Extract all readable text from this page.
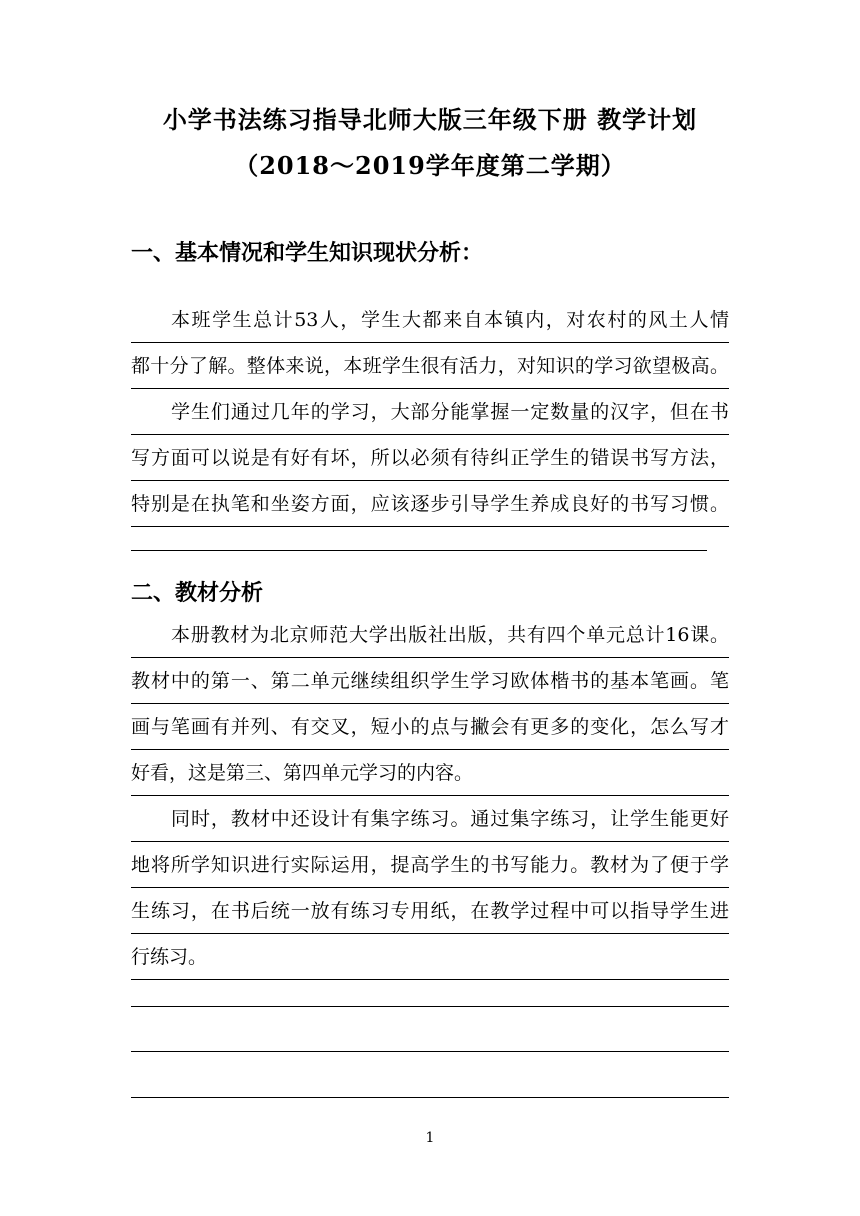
小学书法练习指导北师大版三年级下册 教学计划
（2018～2019学年度第二学期）
一、基本情况和学生知识现状分析：
本班学生总计53人，学生大都来自本镇内，对农村的风土人情
都十分了解。整体来说，本班学生很有活力，对知识的学习欲望极高。
学生们通过几年的学习，大部分能掌握一定数量的汉字，但在书
写方面可以说是有好有坏，所以必须有待纠正学生的错误书写方法，
特别是在执笔和坐姿方面，应该逐步引导学生养成良好的书写习惯。
二、教材分析
本册教材为北京师范大学出版社出版，共有四个单元总计16课。
教材中的第一、第二单元继续组织学生学习欧体楷书的基本笔画。笔
画与笔画有并列、有交叉，短小的点与撇会有更多的变化，怎么写才
好看，这是第三、第四单元学习的内容。
同时，教材中还设计有集字练习。通过集字练习，让学生能更好
地将所学知识进行实际运用，提高学生的书写能力。教材为了便于学
生练习，在书后统一放有练习专用纸，在教学过程中可以指导学生进
行练习。
1
